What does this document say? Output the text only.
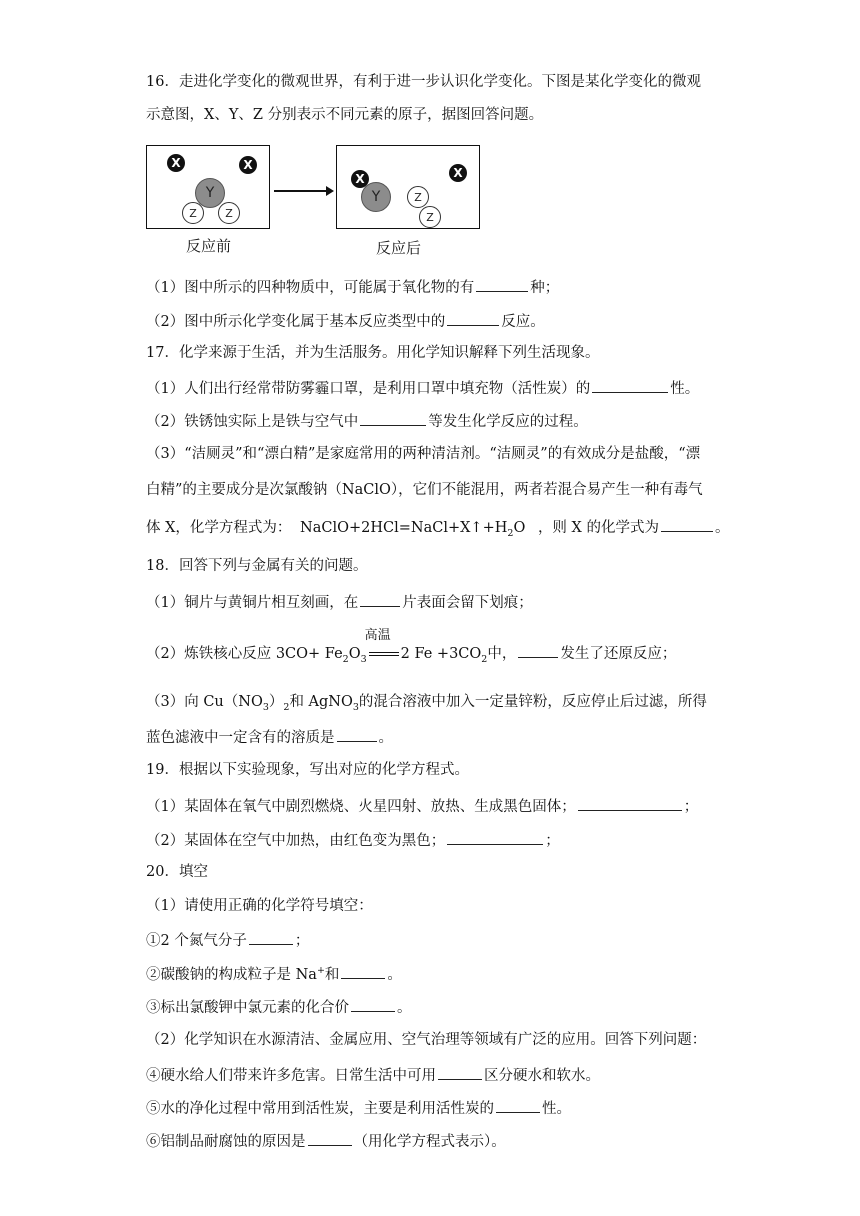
16．走进化学变化的微观世界，有利于进一步认识化学变化。下图是某化学变化的微观
示意图，X、Y、Z 分别表示不同元素的原子，据图回答问题。
X	X
Y
Z	Z
X
Y	Z
Z
X
反应前	反应后
（1）图中所示的四种物质中，可能属于氧化物的有	种；
（2）图中所示化学变化属于基本反应类型中的	反应。
17．化学来源于生活，并为生活服务。用化学知识解释下列生活现象。
（1）人们出行经常带防雾霾口罩，是利用口罩中填充物（活性炭）的	性。
（2）铁锈蚀实际上是铁与空气中	等发生化学反应的过程。
（3）“洁厕灵”和“漂白精”是家庭常用的两种清洁剂。“洁厕灵”的有效成分是盐酸，“漂
白精”的主要成分是次氯酸钠（NaClO），它们不能混用，两者若混合易产生一种有毒气
体 X，化学方程式为： $NaClO+2HCl=NaCl+X↑+H_2O$ ，则 X 的化学式为	。
18．回答下列与金属有关的问题。
（1）铜片与黄铜片相互刻画，在	片表面会留下划痕；
（2）炼铁核心反应 $3CO+ Fe_2O_3$
高温
2 $Fe +3CO_2$中，	发生了还原反应；
（3）向 $Cu(NO_3)_2$和 AgNO$_3$的混合溶液中加入一定量锌粉，反应停止后过滤，所得
蓝色滤液中一定含有的溶质是	。
19．根据以下实验现象，写出对应的化学方程式。
（1）某固体在氧气中剧烈燃烧、火星四射、放热、生成黑色固体；	；
（2）某固体在空气中加热，由红色变为黑色；	；
20．填空
（1）请使用正确的化学符号填空：
①2 个氮气分子	；
②碳酸钠的构成粒子是 Na+和	。
③标出氯酸钾中氯元素的化合价	。
（2）化学知识在水源清洁、金属应用、空气治理等领域有广泛的应用。回答下列问题：
④硬水给人们带来许多危害。日常生活中可用	区分硬水和软水。
⑤水的净化过程中常用到活性炭，主要是利用活性炭的	性。
⑥铝制品耐腐蚀的原因是	（用化学方程式表示）。
